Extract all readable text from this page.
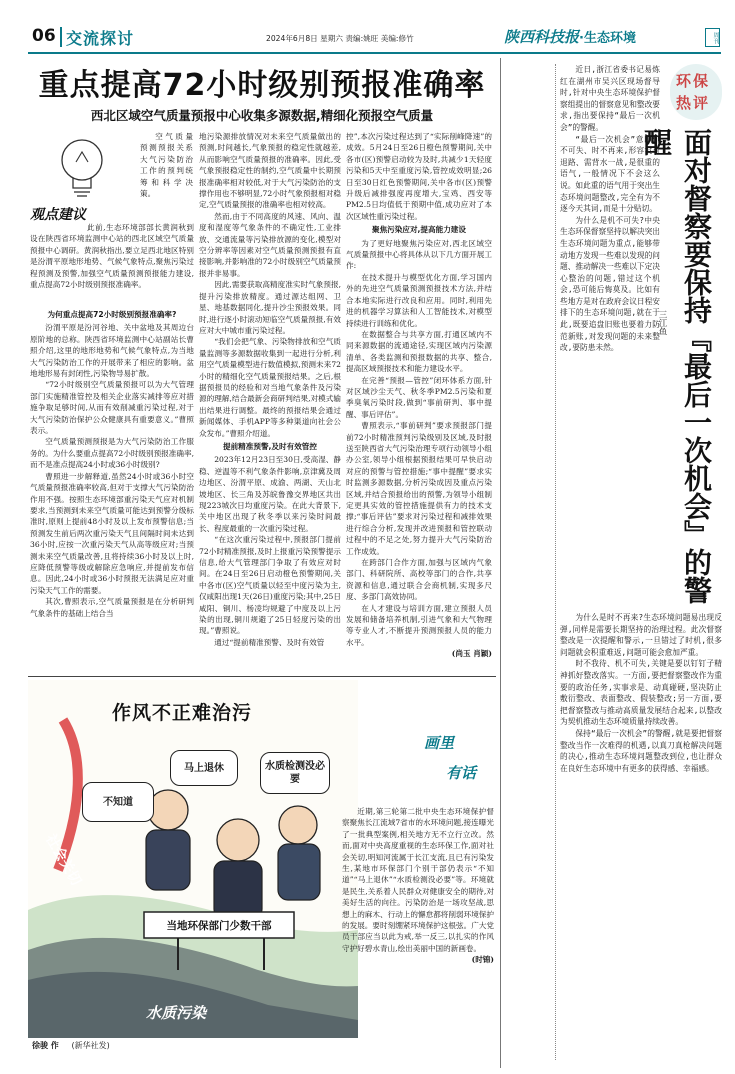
06 交流探讨	2024年6月8日 星期六 责编:姚旺 美编:修竹	陕西科技报·生态环境	周刊
重点提高72小时级别预报准确率
西北区域空气质量预报中心收集多源数据,精细化预报空气质量
观点建议

空气质量预测预报关系大气污染防治工作的预判统筹和科学决策。

此前,生态环境部部长黄润秋到设在陕西省环境监测中心站的西北区域空气质量预报中心调研。黄润秋指出,要立足西北地区特别是汾渭平原地形地势、气候气象特点,聚焦污染过程预测及预警,加强空气质量预测预报能力建设,重点提高72小时级别预报准确率。

为何重点提高72小时级别预报准确率?

汾渭平原是汾河谷地、关中盆地及其周边台原阶地的总称。陕西省环境监测中心站副站长曹照介绍,这里的地形地势和气候气象特点,为当地大气污染防治工作的开展带来了相应的影响。盆地地形易有封闭性,污染物导易扩散。

“72小时级别空气质量预报可以为大气管理部门实施精准管控及相关企业落实减排等应对措施争取足够时间,从而有效削减重污染过程,对于大气污染防治保护公众健康具有重要意义。”曹照表示。

空气质量预测预报是为大气污染防治工作服务的。为什么要重点提高72小时级别预报准确率,而不是准点提高24小时或36小时级别?

曹照进一步解释道,虽然24小时或36小时空气质量预报准确率较高,但对于支撑大气污染防治作用不强。按照生态环境部重污染天气应对机制要求,当预测到未来空气质量可能达到预警分级标准时,原则上提前48小时及以上发布预警信息;当预测发生前后两次重污染天气且间隔时间未达到36小时,应按一次重污染天气从高等级应对;当预测未来空气质量改善,且将持续36小时及以上时,应降低预警等级或解除应急响应,并提前发布信息。因此,24小时或36小时预报无法满足应对重污染天气工作的需要。

其次,曹照表示,空气质量预报是在分析研判气象条件的基础上结合当

地污染源排放情况对未来空气质量做出的预测,时间越长,气象预报的稳定性就越差,从而影响空气质量预报的准确率。因此,受气象预报稳定性的制约,空气质量中长期预报准确率相对较低,对于大气污染防治的支撑作用也不够明显,72小时气象预报相对稳定,空气质量预报的准确率也相对较高。

然而,由于不同高度的风速、风向、温度和湿度等气象条件的不确定性,工业排放、交通流量等污染排放源的变化,模型对空分辨率等因素对空气质量预测预报有直接影响,并影响准的72小时级别空气质量预报并非易事。

因此,需要获取高精度准实时气象预报,提升污染排放精度。通过源达组网、卫星、地基数据同化,提升沙尘预报效果。同时,进行逐小时滚动短临空气质量预报,有效应对大中城市重污染过程。

“我们会把气象、污染物排放和空气质量监测等多源数据收集到一起进行分析,利用空气质量模型进行数值模拟,预测未来72小时的精细化空气质量预报结果。之后,根据预报员的经验和对当地气象条件及污染源的理解,结合最新会商研判结果,对模式输出结果进行调整。最终的预报结果会通过新闻媒体、手机APP等多种渠道向社会公众发布。”曹照介绍道。

提前精准预警,及时有效管控

2023年12月23日至30日,受高湿、静稳、逆温等不利气象条件影响,京津冀及周边地区、汾渭平原、成渝、两湖、天山北坡地区、长三角及苏皖鲁豫交界地区共出现223城次日均重度污染。在此大背景下,关中地区出现了秋冬季以来污染时间最长、程度最重的一次重污染过程。

“在这次重污染过程中,预报部门提前72小时精准预报,及时上报重污染预警提示信息,给大气管理部门争取了有效应对时间。在24日至26日启动橙色预警期间,关中各市(区)空气质量以轻至中度污染为主,仅咸阳出现1天(26日)重度污染;其中,25日咸阳、铜川、杨凌均规避了中度及以上污染的出现,铜川规避了25日轻度污染的出现。”曹照说。

通过“提前精准预警、及时有效管

控”,本次污染过程达到了“实际削峰降速”的成效。5月24日至26日橙色预警期间,关中各市(区)预警启动较为及时,共减少1天轻度污染和5天中至重度污染,管控成效明显;26日至30日红色预警期间,关中各市(区)预警升级后减排强度再度增大,宝鸡、西安等PM2.5日均值低于预期中值,成功应对了本次区域性重污染过程。

聚焦污染应对,提高能力建设

为了更好地聚焦污染应对,西北区域空气质量预报中心将具体从以下几方面开展工作:

在技术提升与模型优化方面,学习国内外的先进空气质量预测预报技术方法,并结合本地实际进行改良和应用。同时,利用先进的机器学习算法和人工智能技术,对模型持续进行训练和优化。

在数据整合与共享方面,打通区域内不同来源数据的流通途径,实现区域内污染源清单、各类监测和预报数据的共享、整合,提高区域预报技术和能力建设水平。

在完善“预报—管控”闭环体系方面,针对区域沙尘天气、秋冬季PM2.5污染和夏季臭氧污染时段,做到“事前研判、事中提醒、事后评估”。

曹照表示,“事前研判”要求预报部门提前72小时精准预判污染级别及区域,及时报送至陕西省大气污染治理专项行动领导小组办公室,领导小组根据预报结果可早快启动对应的预警与管控措施;“事中提醒”要求实时监测多源数据,分析污染成因及重点污染区域,并结合预报给出的预警,为领导小组制定更具实效的管控措施提供有力的技术支撑;“事后评估”要求对污染过程和减排效果进行综合分析,发现并改进预报和管控联动过程中的不足之处,努力提升大气污染防治工作成效。

在跨部门合作方面,加强与区域内气象部门、科研院所、高校等部门的合作,共享资源和信息,通过联合会商机制,实现多尺度、多部门高效协同。

在人才建设与培训方面,建立预报人员发展和储备培养机制,引进气象和大气物理等专业人才,不断提升预测预报人员的能力水平。

(尚玉 肖颖)

作风不正难治污
不知道
马上退休	水质检测没必要
当地环保部门少数干部
社会关切
水质污染
徐骏 作 (新华社发)
画里
有话

近期,第三轮第二批中央生态环境保护督察聚焦长江流域7省市的水环境问题,接连曝光了一批典型案例,相关地方无不立行立改。然而,面对中央高度重视的生态环保工作,面对社会关切,明知河流属于长江支流,且已有污染发生,某地市环保部门个别干部仍表示“不知道”“马上退休”“水质检测没必要”等。环境就是民生,关系着人民群众对健康安全的期待,对美好生活的向往。污染防治是一场攻坚战,思想上的麻木、行动上的懈怠都将削弱环境保护的发展。要时刻绷紧环境保护这根弦。广大党员干部应当以此为戒,举一反三,以扎实的作风守护好碧水青山,绘出美丽中国的新画卷。

(时锦)

环保
热评
面对督察要保持『最后一次机会』的警醒
三江鱼

近日,浙江省委书记易炼红在湖州市吴兴区现场督导时,针对中央生态环境保护督察组提出的督察意见和整改要求,指出要保持“最后一次机会”的警醒。

“最后一次机会”意即机不可失、时不再来,形容没有退路、需背水一战,是很重的语气,一般情况下不会这么说。如此重的语气用于突出生态环境问题整改,完全有为不逐今天其词,而是十分贴切。

为什么是机不可失?中央生态环保督察坚持以解决突出生态环境问题为重点,能够带动地方发现一些难以发现的问题、推动解决一些难以下定决心整治的问题,错过这个机会,恐可能后悔莫及。比如有些地方是对在政府会议日程安排下的生态环境问题,就在于此,既要追盘旧账也要着力防范新账,对发现问题的未来整改,要防患未然。

为什么是时不再来?生态环境问题易出现反弹,同样是需要长期坚持的治理过程。此次督察整改是一次提醒和警示,一旦错过了时机,很多问题就会积重难返,问题可能会愈加严重。

时不我待、机不可失,关键是要以钉钉子精神抓好整改落实。一方面,要把督察整改作为重要的政治任务,实事求是、动真碰硬,坚决防止敷衍整改、表面整改、假装整改;另一方面,要把督察整改与推动高质量发展结合起来,以整改为契机推动生态环境质量持续改善。

保持“最后一次机会”的警醒,就是要把督察整改当作一次难得的机遇,以真刀真枪解决问题的决心,推动生态环境问题整改到位,也让群众在良好生态环境中有更多的获得感、幸福感。
